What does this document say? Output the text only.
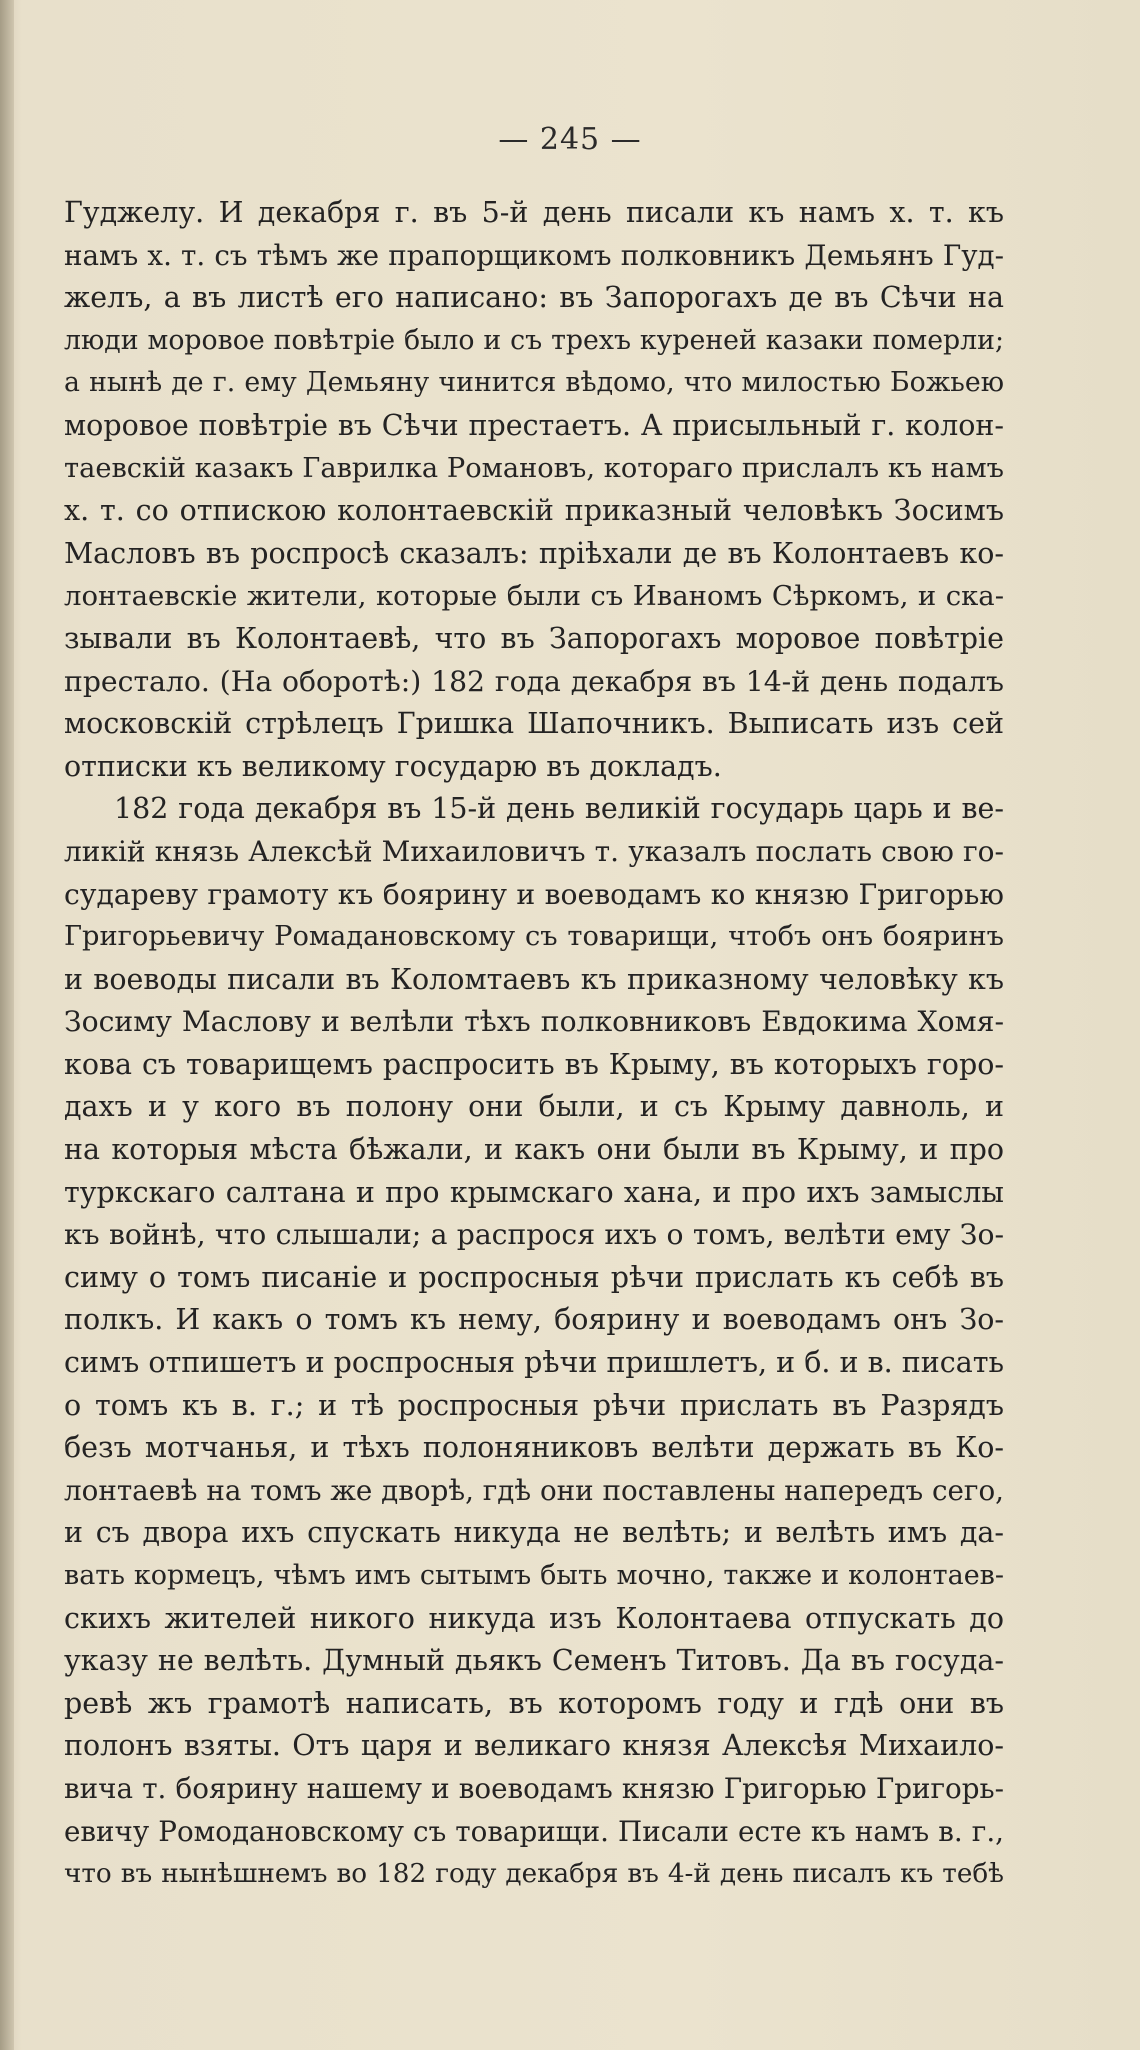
— 245 —
Гуджелу. И декабря г. въ 5-й день писали къ намъ х. т. къ
намъ х. т. съ тѣмъ же прапорщикомъ полковникъ Демьянъ Гуд-
желъ, а въ листѣ его написано: въ Запорогахъ де въ Сѣчи на
люди моровое повѣтріе было и съ трехъ куреней казаки померли;
а нынѣ де г. ему Демьяну чинится вѣдомо, что милостью Божьею
моровое повѣтріе въ Сѣчи престаетъ. А присыльный г. колон-
таевскій казакъ Гаврилка Романовъ, котораго прислалъ къ намъ
х. т. со отпискою колонтаевскій приказный человѣкъ Зосимъ
Масловъ въ роспросѣ сказалъ: пріѣхали де въ Колонтаевъ ко-
лонтаевскіе жители, которые были съ Иваномъ Сѣркомъ, и ска-
зывали въ Колонтаевѣ, что въ Запорогахъ моровое повѣтріе
престало. (На оборотѣ:) 182 года декабря въ 14-й день подалъ
московскій стрѣлецъ Гришка Шапочникъ. Выписать изъ сей
отписки къ великому государю въ докладъ.
182 года декабря въ 15-й день великій государь царь и ве-
ликій князь Алексѣй Михаиловичъ т. указалъ послать свою го-
судареву грамоту къ боярину и воеводамъ ко князю Григорью
Григорьевичу Ромадановскому съ товарищи, чтобъ онъ бояринъ
и воеводы писали въ Коломтаевъ къ приказному человѣку къ
Зосиму Маслову и велѣли тѣхъ полковниковъ Евдокима Хомя-
кова съ товарищемъ распросить въ Крыму, въ которыхъ горо-
дахъ и у кого въ полону они были, и съ Крыму давноль, и
на которыя мѣста бѣжали, и какъ они были въ Крыму, и про
туркскаго салтана и про крымскаго хана, и про ихъ замыслы
къ войнѣ, что слышали; а распрося ихъ о томъ, велѣти ему Зо-
симу о томъ писаніе и роспросныя рѣчи прислать къ себѣ въ
полкъ. И какъ о томъ къ нему, боярину и воеводамъ онъ Зо-
симъ отпишетъ и роспросныя рѣчи пришлетъ, и б. и в. писать
о томъ къ в. г.; и тѣ роспросныя рѣчи прислать въ Разрядъ
безъ мотчанья, и тѣхъ полоняниковъ велѣти держать въ Ко-
лонтаевѣ на томъ же дворѣ, гдѣ они поставлены напередъ сего,
и съ двора ихъ спускать никуда не велѣть; и велѣть имъ да-
вать кормецъ, чѣмъ имъ сытымъ быть мочно, также и колонтаев-
скихъ жителей никого никуда изъ Колонтаева отпускать до
указу не велѣть. Думный дьякъ Семенъ Титовъ. Да въ госуда-
ревѣ жъ грамотѣ написать, въ которомъ году и гдѣ они въ
полонъ взяты. Отъ царя и великаго князя Алексѣя Михаило-
вича т. боярину нашему и воеводамъ князю Григорью Григорь-
евичу Ромодановскому съ товарищи. Писали есте къ намъ в. г.,
что въ нынѣшнемъ во 182 году декабря въ 4-й день писалъ къ тебѣ
